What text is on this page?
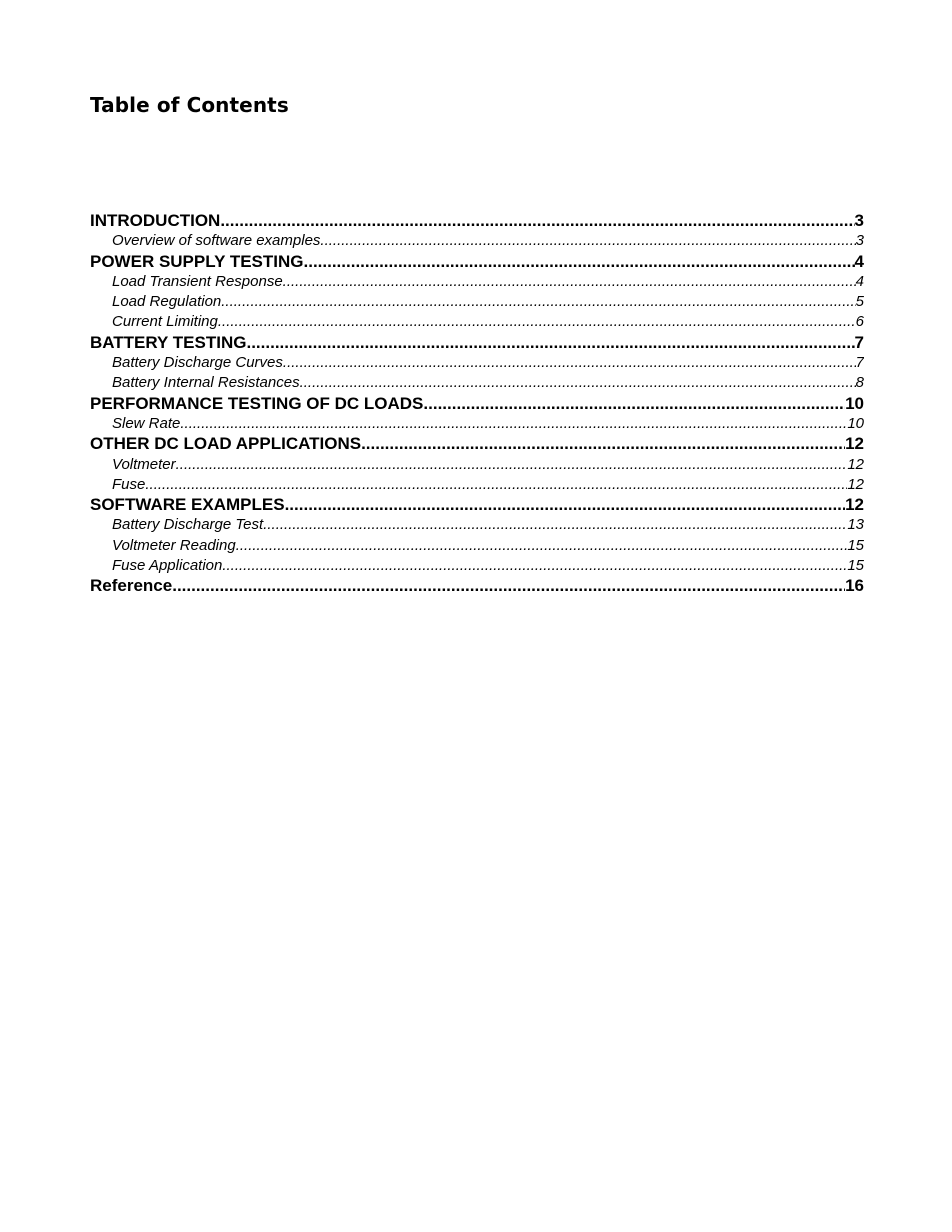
Table of Contents
INTRODUCTION .....	3
Overview of software examples .....	3
POWER SUPPLY TESTING .....	4
Load Transient Response .....	4
Load Regulation .....	5
Current Limiting .....	6
BATTERY TESTING .....	7
Battery Discharge Curves .....	7
Battery Internal Resistances .....	8
PERFORMANCE TESTING OF DC LOADS .....	10
Slew Rate .....	10
OTHER DC LOAD APPLICATIONS .....	12
Voltmeter .....	12
Fuse .....	12
SOFTWARE EXAMPLES .....	12
Battery Discharge Test .....	13
Voltmeter Reading .....	15
Fuse Application .....	15
Reference .....	16
